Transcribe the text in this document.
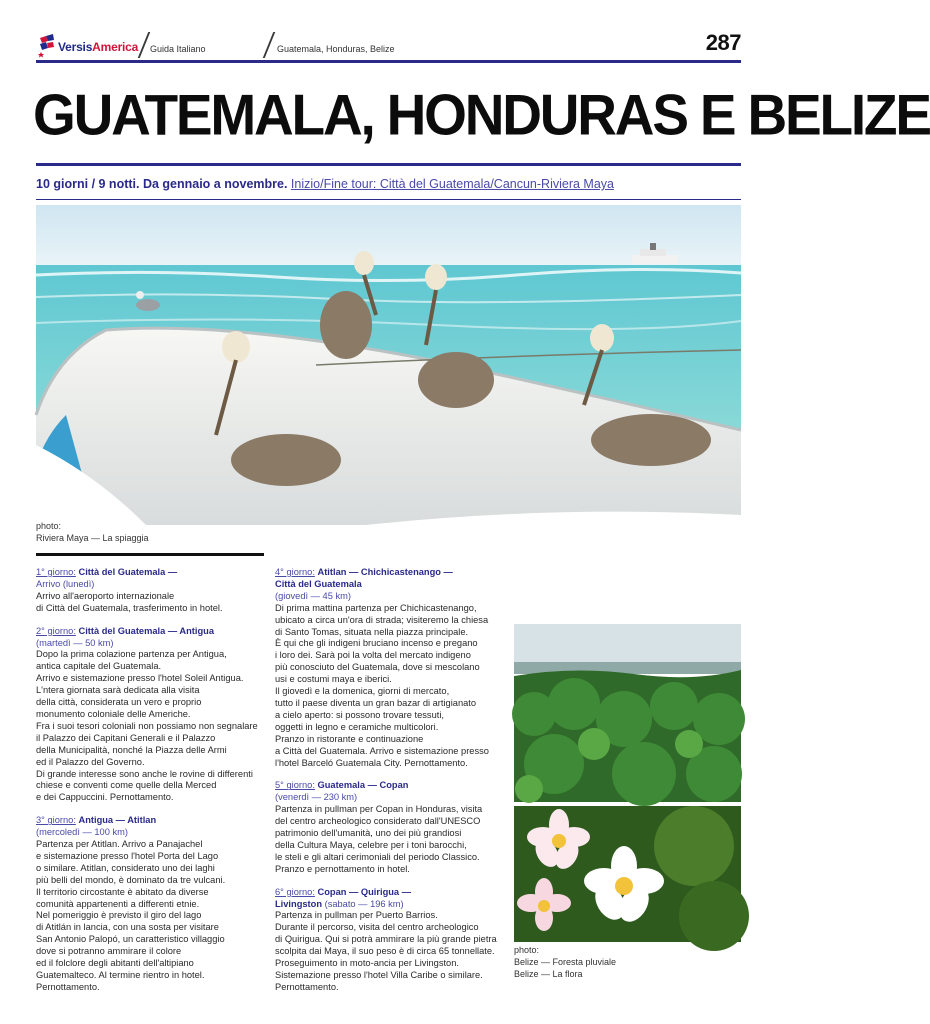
VersisAmerica Guida Italiano	Guatemala, Honduras, Belize	287
GUATEMALA, HONDURAS E BELIZE
10 giorni / 9 notti. Da gennaio a novembre. Inizio/Fine tour: Città del Guatemala/Cancun-Riviera Maya
photo:
Riviera Maya — La spiaggia
1° giorno: Città del Guatemala —
Arrivo (lunedì)
Arrivo all'aeroporto internazionale
di Città del Guatemala, trasferimento in hotel.
2° giorno: Città del Guatemala — Antigua
(martedì — 50 km)
Dopo la prima colazione partenza per Antigua,
antica capitale del Guatemala.
Arrivo e sistemazione presso l'hotel Soleil Antigua.
L'ntera giornata sarà dedicata alla visita
della città, considerata un vero e proprio
monumento coloniale delle Americhe.
Fra i suoi tesori coloniali non possiamo non segnalare
il Palazzo dei Capitani Generali e il Palazzo
della Municipalità, nonché la Piazza delle Armi
ed il Palazzo del Governo.
Di grande interesse sono anche le rovine di differenti
chiese e conventi come quelle della Merced
e dei Cappuccini. Pernottamento.
3° giorno: Antigua — Atitlan
(mercoledì — 100 km)
Partenza per Atitlan. Arrivo a Panajachel
e sistemazione presso l'hotel Porta del Lago
o similare. Atitlan, considerato uno dei laghi
più belli del mondo, è dominato da tre vulcani.
Il territorio circostante è abitato da diverse
comunità appartenenti a differenti etnie.
Nel pomeriggio è previsto il giro del lago
di Atitlán in lancia, con una sosta per visitare
San Antonio Palopó, un caratteristico villaggio
dove si potranno ammirare il colore
ed il folclore degli abitanti dell'altipiano
Guatemalteco. Al termine rientro in hotel.
Pernottamento.
4° giorno: Atitlan — Chichicastenango —
Città del Guatemala
(giovedì — 45 km)
Di prima mattina partenza per Chichicastenango,
ubicato a circa un'ora di strada; visiteremo la chiesa
di Santo Tomas, situata nella piazza principale.
È qui che gli indigeni bruciano incenso e pregano
i loro dei. Sarà poi la volta del mercato indigeno
più conosciuto del Guatemala, dove si mescolano
usi e costumi maya e iberici.
Il giovedì e la domenica, giorni di mercato,
tutto il paese diventa un gran bazar di artigianato
a cielo aperto: si possono trovare tessuti,
oggetti in legno e ceramiche multicolori.
Pranzo in ristorante e continuazione
a Città del Guatemala. Arrivo e sistemazione presso
l'hotel Barceló Guatemala City. Pernottamento.
5° giorno: Guatemala — Copan
(venerdì — 230 km)
Partenza in pullman per Copan in Honduras, visita
del centro archeologico considerato dall'UNESCO
patrimonio dell'umanità, uno dei più grandiosi
della Cultura Maya, celebre per i toni barocchi,
le steli e gli altari cerimoniali del periodo Classico.
Pranzo e pernottamento in hotel.
6° giorno: Copan — Quiriguа —
Livingston (sabato — 196 km)
Partenza in pullman per Puerto Barrios.
Durante il percorso, visita del centro archeologico
di Quiriguа. Qui si potrà ammirare la più grande pietra
scolpita dai Maya, il suo peso è di circa 65 tonnellate.
Proseguimento in moto-ancia per Livingston.
Sistemazione presso l'hotel Villa Caribe o similare.
Pernottamento.
photo:
Belize — Foresta pluviale
Belize — La flora
